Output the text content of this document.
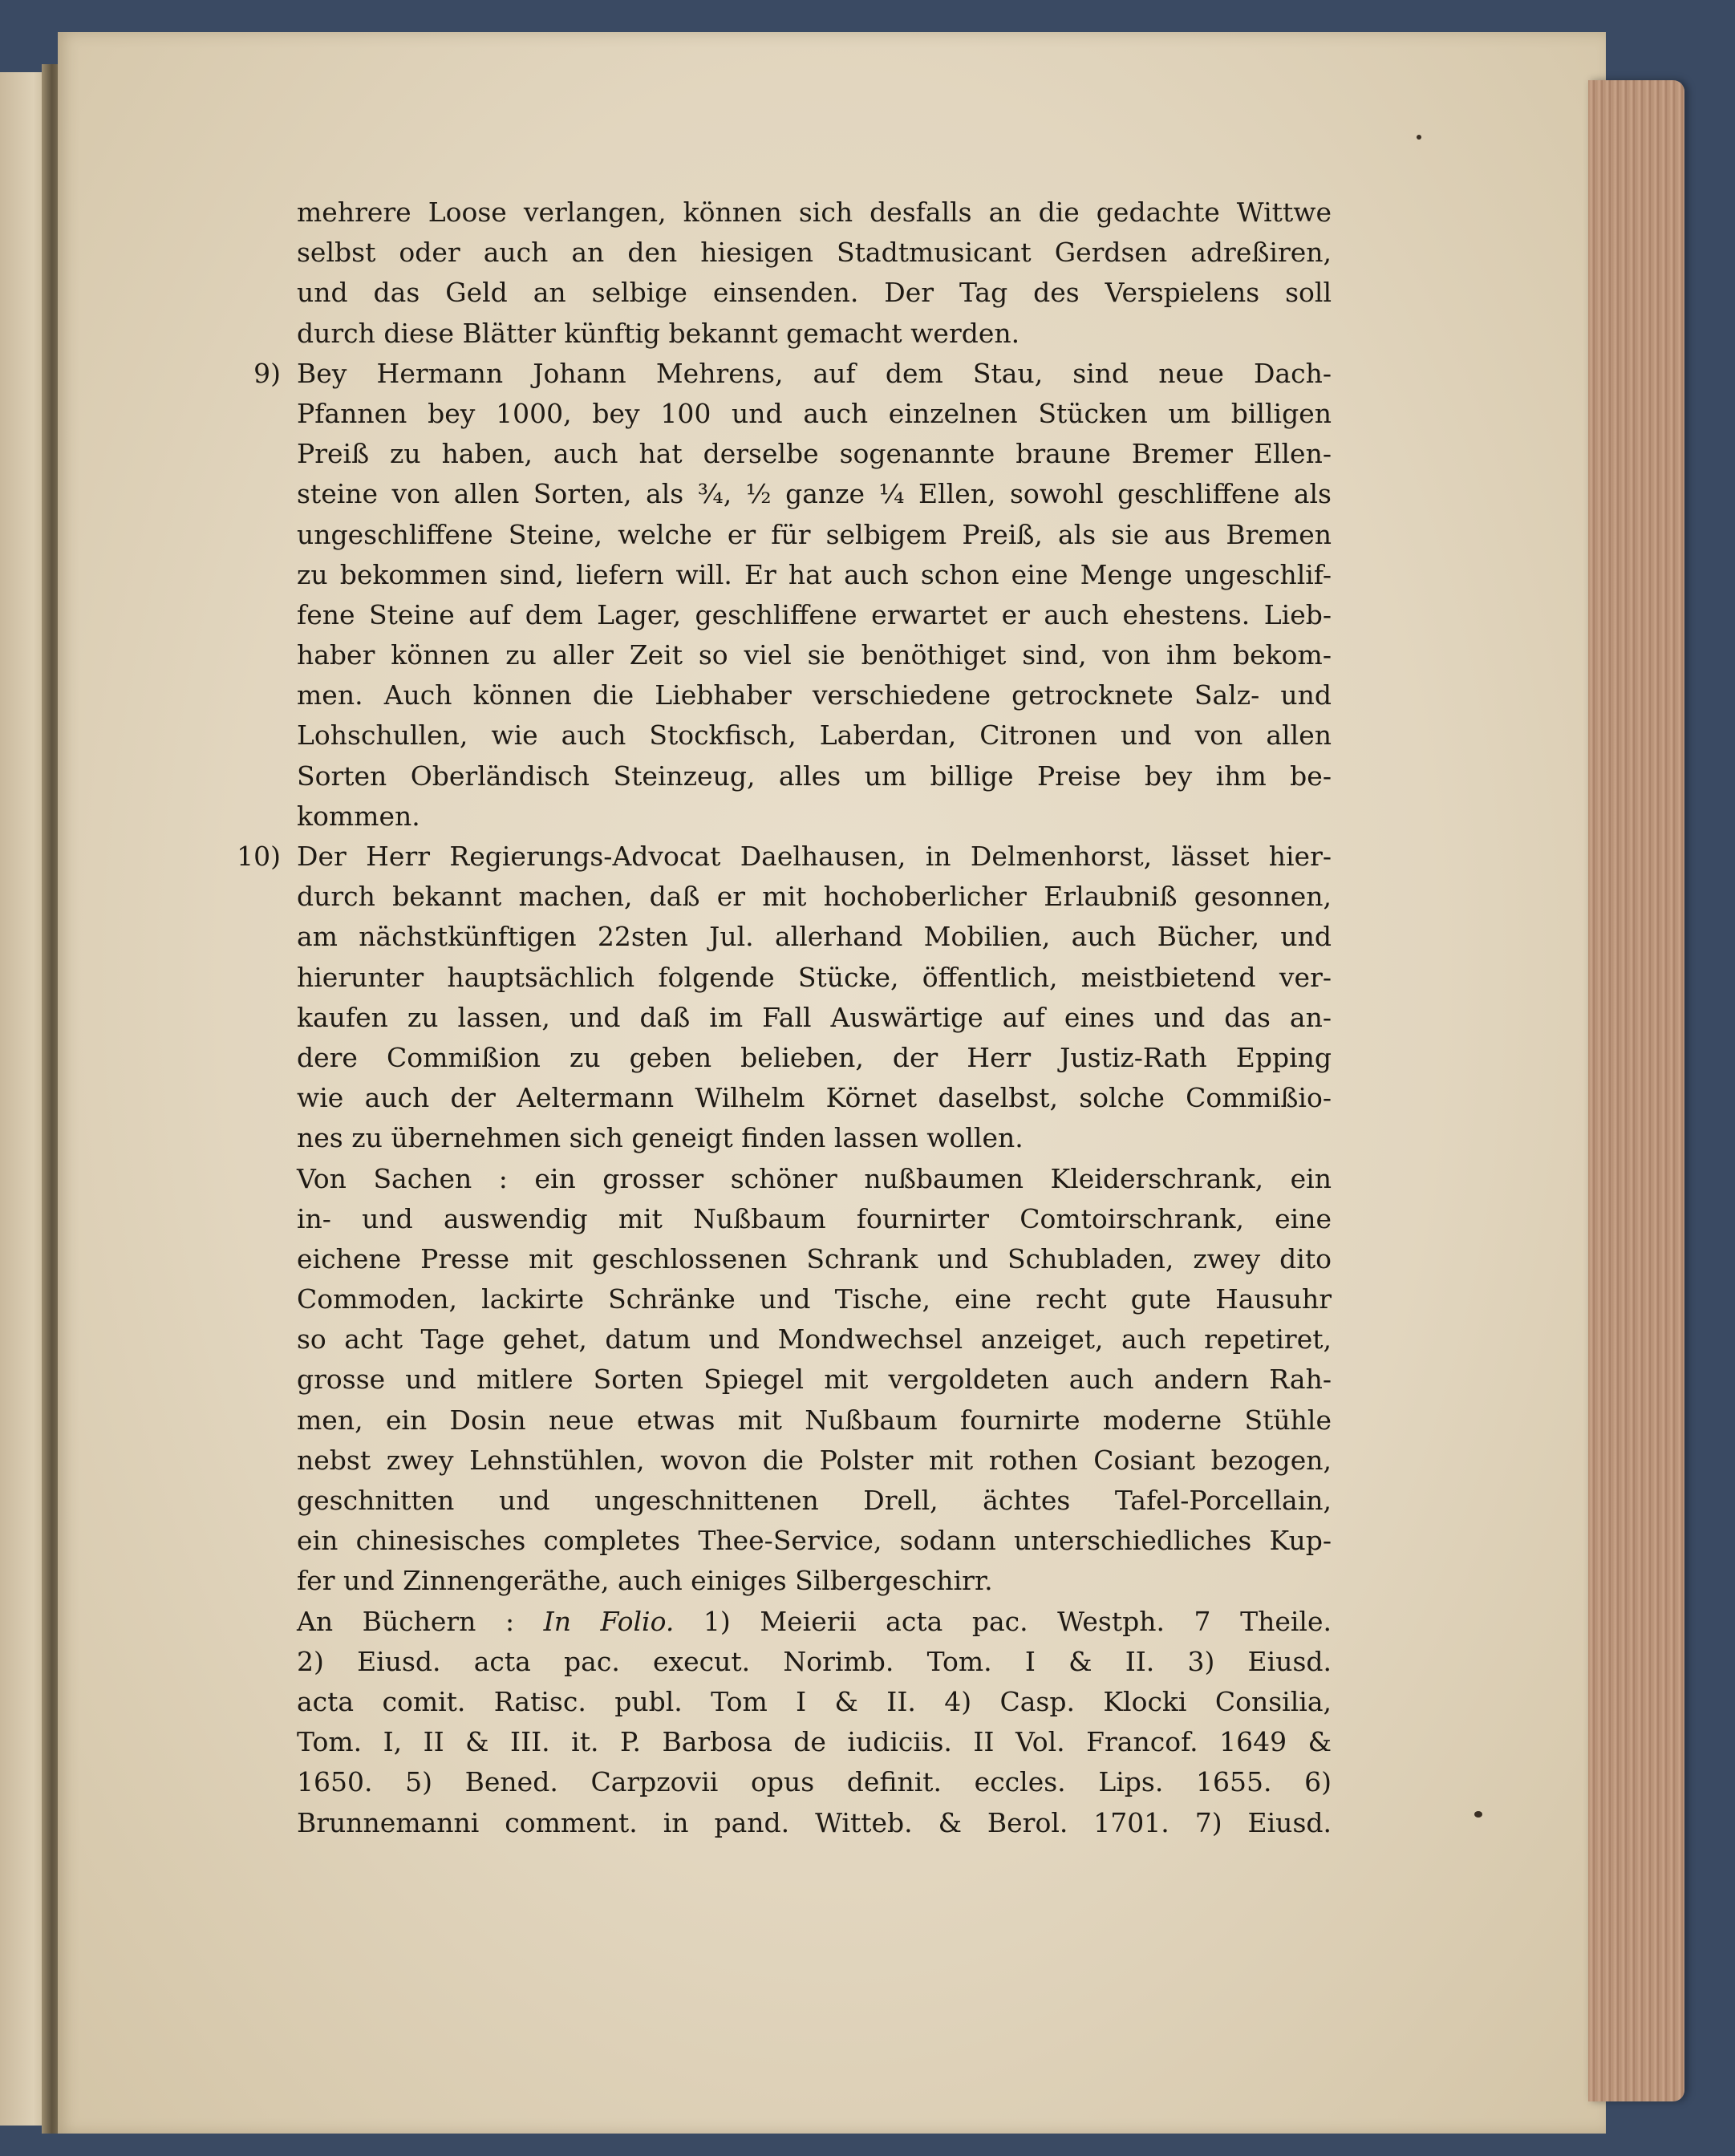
mehrere Loose verlangen, können sich desfalls an die gedachte Wittwe
selbst oder auch an den hiesigen Stadtmusicant Gerdsen adreßiren,
und das Geld an selbige einsenden. Der Tag des Verspielens soll
durch diese Blätter künftig bekannt gemacht werden.
9) Bey Hermann Johann Mehrens, auf dem Stau, sind neue Dach-
Pfannen bey 1000, bey 100 und auch einzelnen Stücken um billigen
Preiß zu haben, auch hat derselbe sogenannte braune Bremer Ellen-
steine von allen Sorten, als ¾, ½ ganze ¼ Ellen, sowohl geschliffene als
ungeschliffene Steine, welche er für selbigem Preiß, als sie aus Bremen
zu bekommen sind, liefern will. Er hat auch schon eine Menge ungeschlif-
fene Steine auf dem Lager, geschliffene erwartet er auch ehestens. Lieb-
haber können zu aller Zeit so viel sie benöthiget sind, von ihm bekom-
men. Auch können die Liebhaber verschiedene getrocknete Salz- und
Lohschullen, wie auch Stockfisch, Laberdan, Citronen und von allen
Sorten Oberländisch Steinzeug, alles um billige Preise bey ihm be-
kommen.
10) Der Herr Regierungs-Advocat Daelhausen, in Delmenhorst, lässet hier-
durch bekannt machen, daß er mit hochoberlicher Erlaubniß gesonnen,
am nächstkünftigen 22sten Jul. allerhand Mobilien, auch Bücher, und
hierunter hauptsächlich folgende Stücke, öffentlich, meistbietend ver-
kaufen zu lassen, und daß im Fall Auswärtige auf eines und das an-
dere Commißion zu geben belieben, der Herr Justiz-Rath Epping
wie auch der Aeltermann Wilhelm Körnet daselbst, solche Commißio-
nes zu übernehmen sich geneigt finden lassen wollen.
Von Sachen : ein grosser schöner nußbaumen Kleiderschrank, ein
in- und auswendig mit Nußbaum fournirter Comtoirschrank, eine
eichene Presse mit geschlossenen Schrank und Schubladen, zwey dito
Commoden, lackirte Schränke und Tische, eine recht gute Hausuhr
so acht Tage gehet, datum und Mondwechsel anzeiget, auch repetiret,
grosse und mitlere Sorten Spiegel mit vergoldeten auch andern Rah-
men, ein Dosin neue etwas mit Nußbaum fournirte moderne Stühle
nebst zwey Lehnstühlen, wovon die Polster mit rothen Cosiant bezogen,
geschnitten und ungeschnittenen Drell, ächtes Tafel-Porcellain,
ein chinesisches completes Thee-Service, sodann unterschiedliches Kup-
fer und Zinnengeräthe, auch einiges Silbergeschirr.
An Büchern : In Folio. 1) Meierii acta pac. Westph. 7 Theile.
2) Eiusd. acta pac. execut. Norimb. Tom. I & II. 3) Eiusd.
acta comit. Ratisc. publ. Tom I & II. 4) Casp. Klocki Consilia,
Tom. I, II & III. it. P. Barbosa de iudiciis. II Vol. Francof. 1649 &
1650. 5) Bened. Carpzovii opus definit. eccles. Lips. 1655. 6)
Brunnemanni comment. in pand. Witteb. & Berol. 1701. 7) Eiusd.
